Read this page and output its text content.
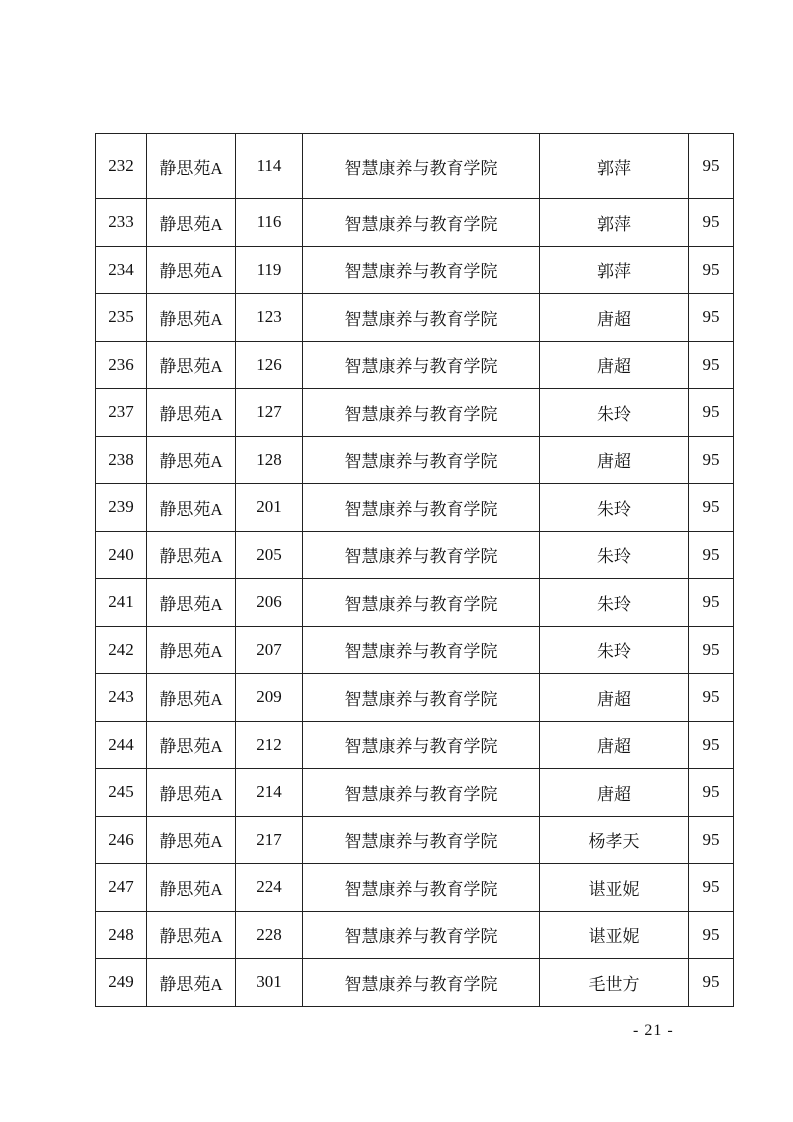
232	静思苑A	114	智慧康养与教育学院	郭萍	95
233	静思苑A	116	智慧康养与教育学院	郭萍	95
234	静思苑A	119	智慧康养与教育学院	郭萍	95
235	静思苑A	123	智慧康养与教育学院	唐超	95
236	静思苑A	126	智慧康养与教育学院	唐超	95
237	静思苑A	127	智慧康养与教育学院	朱玲	95
238	静思苑A	128	智慧康养与教育学院	唐超	95
239	静思苑A	201	智慧康养与教育学院	朱玲	95
240	静思苑A	205	智慧康养与教育学院	朱玲	95
241	静思苑A	206	智慧康养与教育学院	朱玲	95
242	静思苑A	207	智慧康养与教育学院	朱玲	95
243	静思苑A	209	智慧康养与教育学院	唐超	95
244	静思苑A	212	智慧康养与教育学院	唐超	95
245	静思苑A	214	智慧康养与教育学院	唐超	95
246	静思苑A	217	智慧康养与教育学院	杨孝天	95
247	静思苑A	224	智慧康养与教育学院	谌亚妮	95
248	静思苑A	228	智慧康养与教育学院	谌亚妮	95
249	静思苑A	301	智慧康养与教育学院	毛世方	95
- 21 -
